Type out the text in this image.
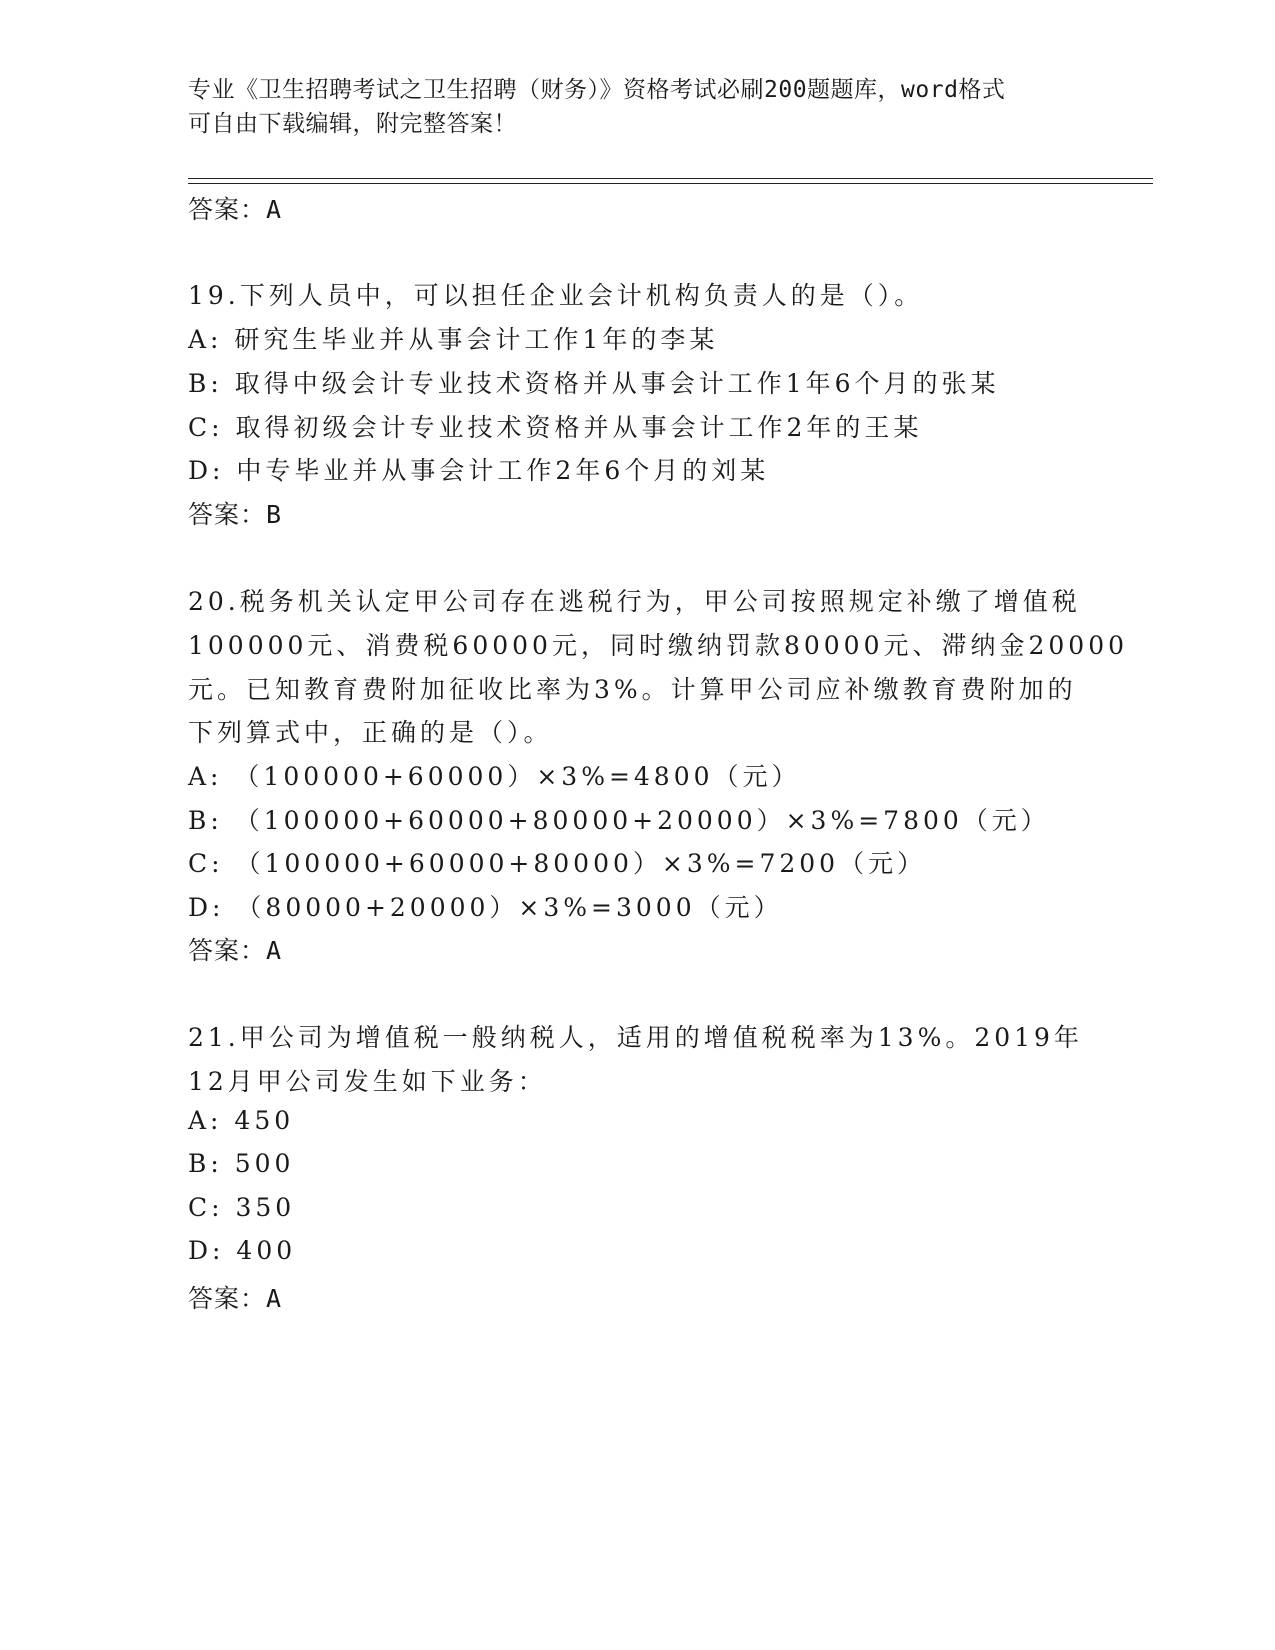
专业《卫生招聘考试之卫生招聘（财务）》资格考试必刷200题题库，word格式
可自由下载编辑，附完整答案！
答案：A
19.下列人员中，可以担任企业会计机构负责人的是（）。
A: 研究生毕业并从事会计工作1年的李某
B: 取得中级会计专业技术资格并从事会计工作1年6个月的张某
C: 取得初级会计专业技术资格并从事会计工作2年的王某
D: 中专毕业并从事会计工作2年6个月的刘某
答案：B
20.税务机关认定甲公司存在逃税行为，甲公司按照规定补缴了增值税
100000元、消费税60000元，同时缴纳罚款80000元、滞纳金20000
元。已知教育费附加征收比率为3%。计算甲公司应补缴教育费附加的
下列算式中，正确的是（）。
A: （100000+60000）×3%=4800（元）
B: （100000+60000+80000+20000）×3%=7800（元）
C: （100000+60000+80000）×3%=7200（元）
D: （80000+20000）×3%=3000（元）
答案：A
21.甲公司为增值税一般纳税人，适用的增值税税率为13%。2019年
12月甲公司发生如下业务：
A: 450
B: 500
C: 350
D: 400
答案：A
